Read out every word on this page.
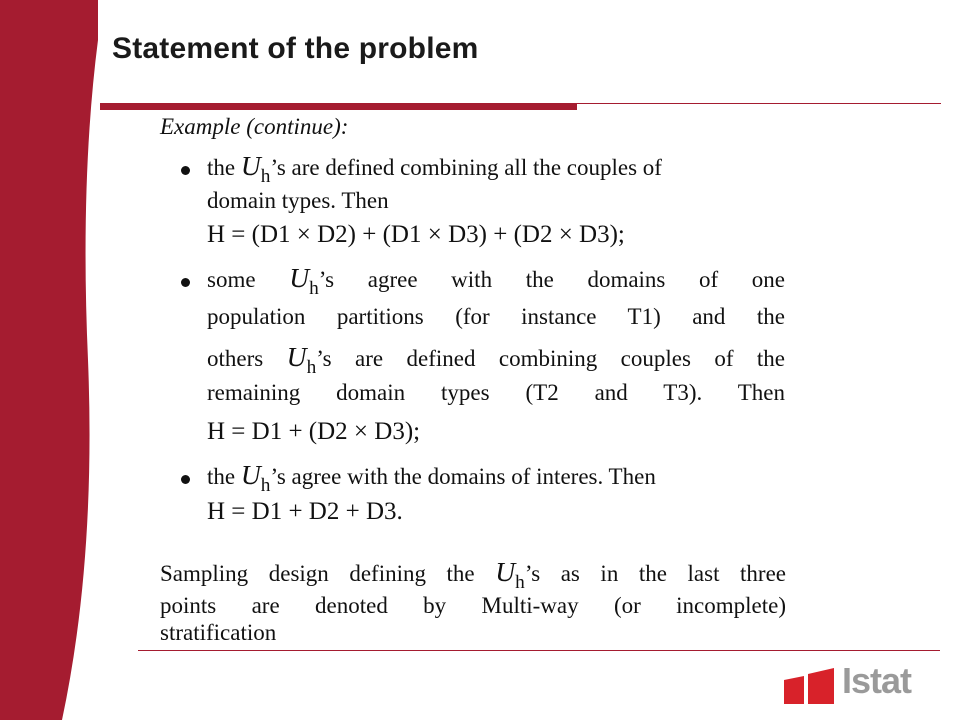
Statement of the problem
Example (continue):
the $U_h’s$ are defined combining all the couples of
domain types. Then
H = (D1 × D2) + (D1 × D3) + (D2 × D3);
some $U_h’s$ agree with the domains of one
population partitions (for instance T1) and the
others $U_h’s$ are defined combining couples of the
remaining domain types (T2 and T3). Then
H = D1 + (D2 × D3);
the $U_h’s$ agree with the domains of interes. Then
H = D1 + D2 + D3.
Sampling design defining the $U_h’s$ as in the last three
points are denoted by Multi-way (or incomplete)
stratification
Istat
